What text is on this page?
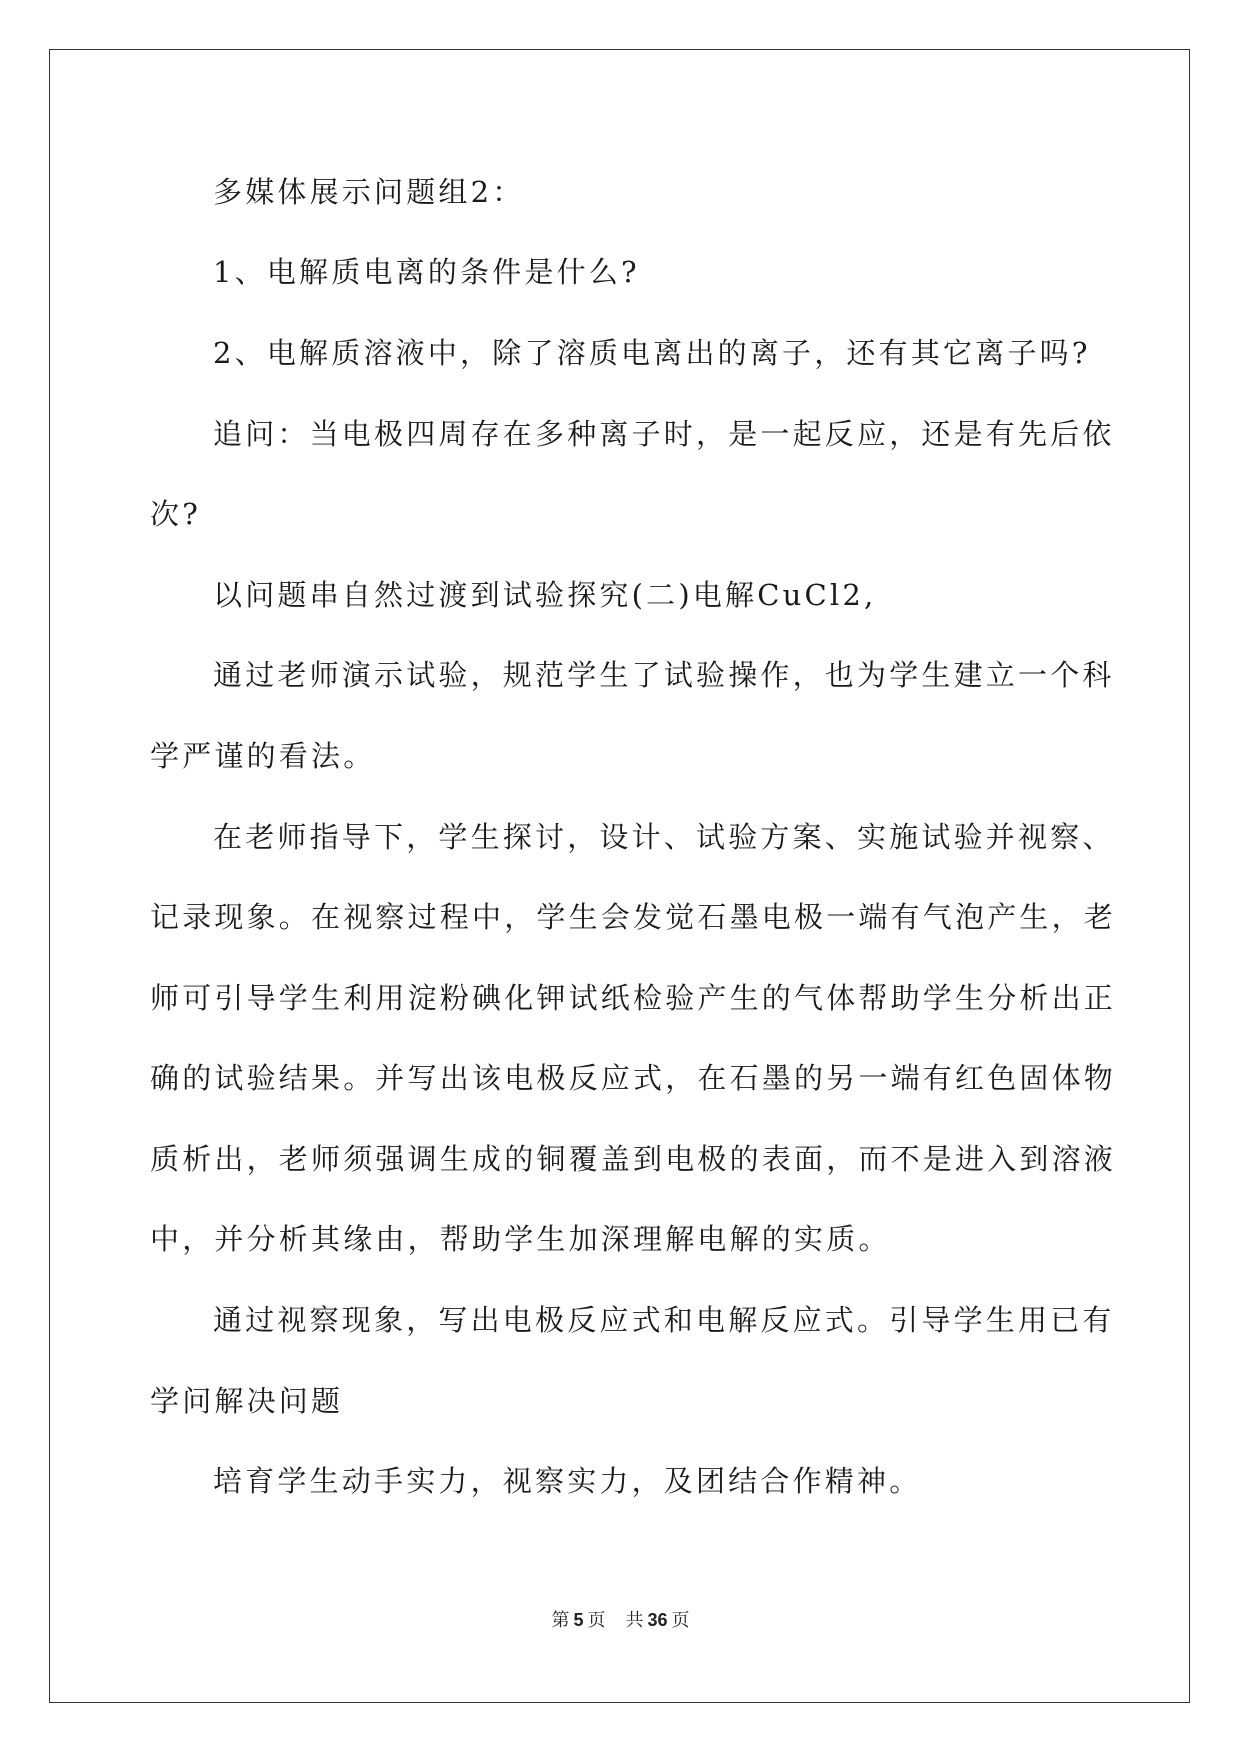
多媒体展示问题组2：
1、电解质电离的条件是什么?
2、电解质溶液中，除了溶质电离出的离子，还有其它离子吗?
追问：当电极四周存在多种离子时，是一起反应，还是有先后依
次?
以问题串自然过渡到试验探究(二)电解CuCl2,
通过老师演示试验，规范学生了试验操作，也为学生建立一个科
学严谨的看法。
在老师指导下，学生探讨，设计、试验方案、实施试验并视察、
记录现象。在视察过程中，学生会发觉石墨电极一端有气泡产生，老
师可引导学生利用淀粉碘化钾试纸检验产生的气体帮助学生分析出正
确的试验结果。并写出该电极反应式，在石墨的另一端有红色固体物
质析出，老师须强调生成的铜覆盖到电极的表面，而不是进入到溶液
中，并分析其缘由，帮助学生加深理解电解的实质。
通过视察现象，写出电极反应式和电解反应式。引导学生用已有
学问解决问题
培育学生动手实力，视察实力，及团结合作精神。
第 5 页 共 36 页
